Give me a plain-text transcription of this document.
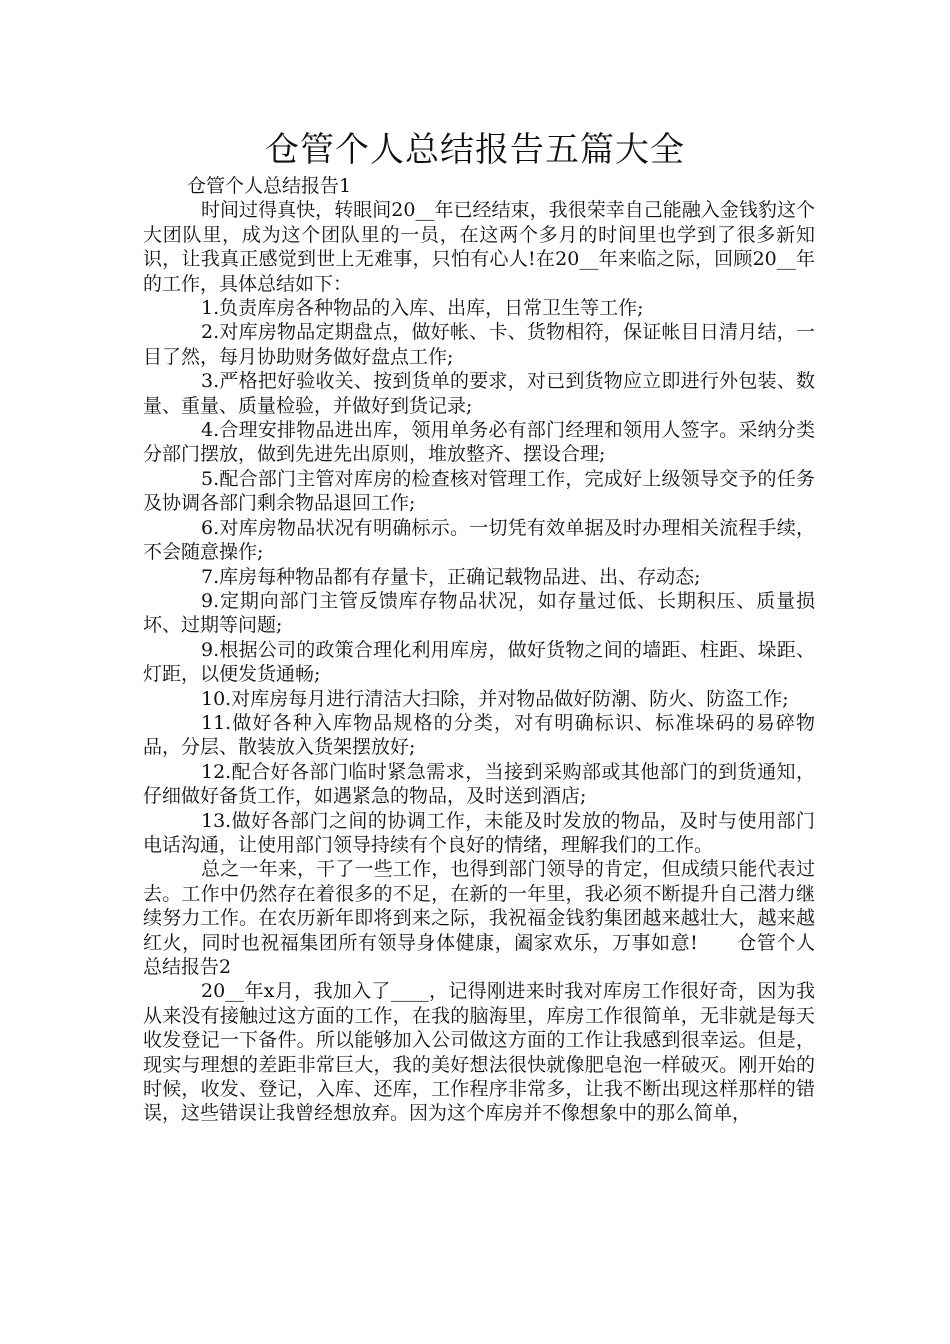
仓管个人总结报告五篇大全

仓管个人总结报告1

时间过得真快，转眼间20__年已经结束，我很荣幸自己能融入金钱豹这个大团队里，成为这个团队里的一员，在这两个多月的时间里也学到了很多新知识，让我真正感觉到世上无难事，只怕有心人!在20__年来临之际，回顾20__年的工作，具体总结如下：

1.负责库房各种物品的入库、出库，日常卫生等工作;

2.对库房物品定期盘点，做好帐、卡、货物相符，保证帐目日清月结，一目了然，每月协助财务做好盘点工作;

3.严格把好验收关、按到货单的要求，对已到货物应立即进行外包装、数量、重量、质量检验，并做好到货记录;

4.合理安排物品进出库，领用单务必有部门经理和领用人签字。采纳分类分部门摆放，做到先进先出原则，堆放整齐、摆设合理;

5.配合部门主管对库房的检查核对管理工作，完成好上级领导交予的任务及协调各部门剩余物品退回工作;

6.对库房物品状况有明确标示。一切凭有效单据及时办理相关流程手续，不会随意操作;

7.库房每种物品都有存量卡，正确记载物品进、出、存动态;

9.定期向部门主管反馈库存物品状况，如存量过低、长期积压、质量损坏、过期等问题;

9.根据公司的政策合理化利用库房，做好货物之间的墙距、柱距、垛距、灯距，以便发货通畅;

10.对库房每月进行清洁大扫除，并对物品做好防潮、防火、防盗工作;

11.做好各种入库物品规格的分类，对有明确标识、标准垛码的易碎物品，分层、散装放入货架摆放好;

12.配合好各部门临时紧急需求，当接到采购部或其他部门的到货通知，仔细做好备货工作，如遇紧急的物品，及时送到酒店;

13.做好各部门之间的协调工作，未能及时发放的物品，及时与使用部门电话沟通，让使用部门领导持续有个良好的情绪，理解我们的工作。

总之一年来，干了一些工作，也得到部门领导的肯定，但成绩只能代表过去。工作中仍然存在着很多的不足，在新的一年里，我必须不断提升自己潜力继续努力工作。在农历新年即将到来之际，我祝福金钱豹集团越来越壮大，越来越红火，同时也祝福集团所有领导身体健康，阖家欢乐，万事如意!　　仓管个人总结报告2

20__年x月，我加入了____，记得刚进来时我对库房工作很好奇，因为我从来没有接触过这方面的工作，在我的脑海里，库房工作很简单，无非就是每天收发登记一下备件。所以能够加入公司做这方面的工作让我感到很幸运。但是，现实与理想的差距非常巨大，我的美好想法很快就像肥皂泡一样破灭。刚开始的时候，收发、登记，入库、还库，工作程序非常多，让我不断出现这样那样的错误，这些错误让我曾经想放弃。因为这个库房并不像想象中的那么简单，
